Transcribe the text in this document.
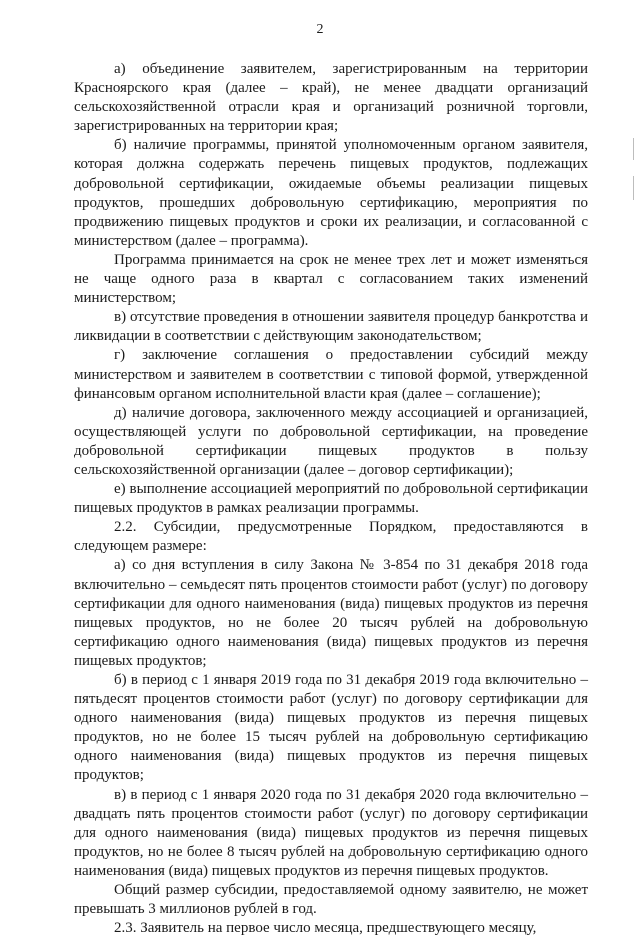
2

а) объединение заявителем, зарегистрированным на территории Красноярского края (далее – край), не менее двадцати организаций сельскохозяйственной отрасли края и организаций розничной торговли, зарегистрированных на территории края;

б) наличие программы, принятой уполномоченным органом заявителя, которая должна содержать перечень пищевых продуктов, подлежащих добровольной сертификации, ожидаемые объемы реализации пищевых продуктов, прошедших добровольную сертификацию, мероприятия по продвижению пищевых продуктов и сроки их реализации, и согласованной с министерством (далее – программа).

Программа принимается на срок не менее трех лет и может изменяться не чаще одного раза в квартал с согласованием таких изменений министерством;

в) отсутствие проведения в отношении заявителя процедур банкротства и ликвидации в соответствии с действующим законодательством;

г) заключение соглашения о предоставлении субсидий между министерством и заявителем в соответствии с типовой формой, утвержденной финансовым органом исполнительной власти края (далее – соглашение);

д) наличие договора, заключенного между ассоциацией и организацией, осуществляющей услуги по добровольной сертификации, на проведение добровольной сертификации пищевых продуктов в пользу сельскохозяйственной организации (далее – договор сертификации);

е) выполнение ассоциацией мероприятий по добровольной сертификации пищевых продуктов в рамках реализации программы.

2.2. Субсидии, предусмотренные Порядком, предоставляются в следующем размере:

а) со дня вступления в силу Закона № 3-854 по 31 декабря 2018 года включительно – семьдесят пять процентов стоимости работ (услуг) по договору сертификации для одного наименования (вида) пищевых продуктов из перечня пищевых продуктов, но не более 20 тысяч рублей на добровольную сертификацию одного наименования (вида) пищевых продуктов из перечня пищевых продуктов;

б) в период с 1 января 2019 года по 31 декабря 2019 года включительно – пятьдесят процентов стоимости работ (услуг) по договору сертификации для одного наименования (вида) пищевых продуктов из перечня пищевых продуктов, но не более 15 тысяч рублей на добровольную сертификацию одного наименования (вида) пищевых продуктов из перечня пищевых продуктов;

в) в период с 1 января 2020 года по 31 декабря 2020 года включительно – двадцать пять процентов стоимости работ (услуг) по договору сертификации для одного наименования (вида) пищевых продуктов из перечня пищевых продуктов, но не более 8 тысяч рублей на добровольную сертификацию одного наименования (вида) пищевых продуктов из перечня пищевых продуктов.

Общий размер субсидии, предоставляемой одному заявителю, не может превышать 3 миллионов рублей в год.

2.3. Заявитель на первое число месяца, предшествующего месяцу,
